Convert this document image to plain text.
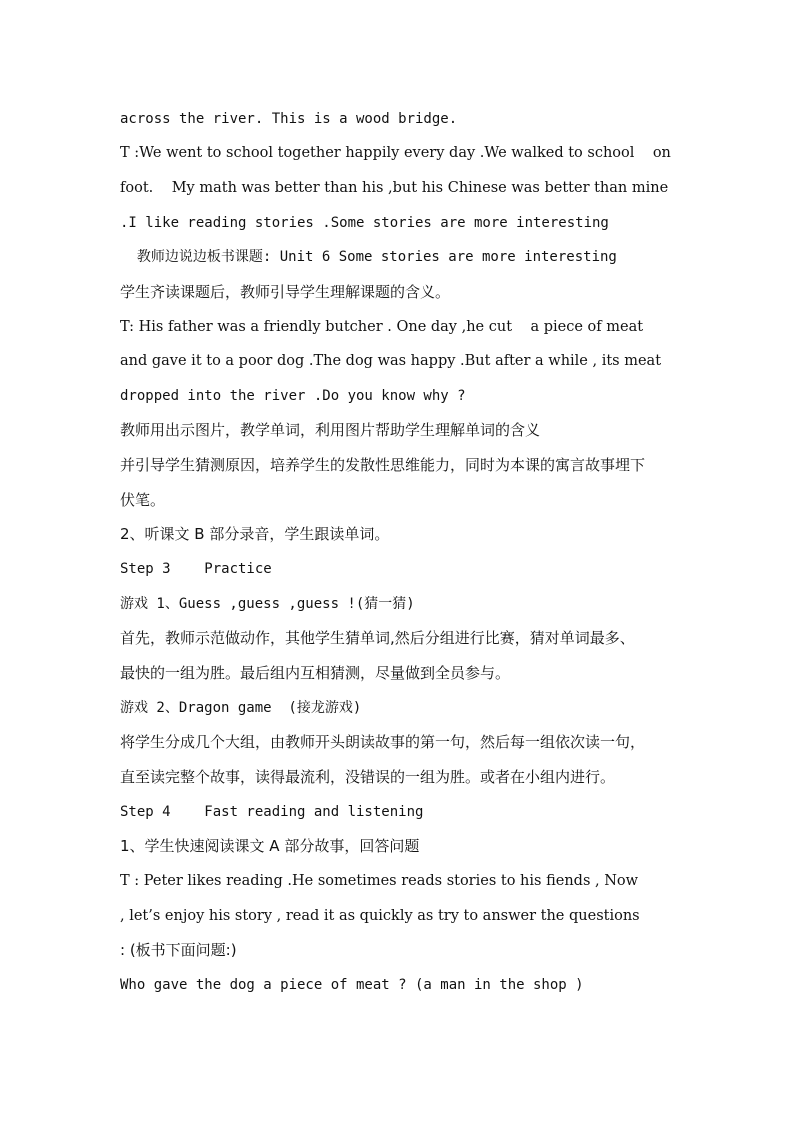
across the river. This is a wood bridge.
T :We went to school together happily every day .We walked to school    on
foot.    My math was better than his ,but his Chinese was better than mine
.I like reading stories .Some stories are more interesting
教师边说边板书课题: Unit 6 Some stories are more interesting
学生齐读课题后，教师引导学生理解课题的含义。
T: His father was a friendly butcher . One day ,he cut    a piece of meat
and gave it to a poor dog .The dog was happy .But after a while , its meat
dropped into the river .Do you know why ?
教师用出示图片，教学单词，利用图片帮助学生理解单词的含义
并引导学生猜测原因，培养学生的发散性思维能力，同时为本课的寓言故事埋下
伏笔。
2、听课文 B 部分录音，学生跟读单词。
Step 3    Practice
游戏 1、Guess ,guess ,guess !(猜一猜)
首先，教师示范做动作，其他学生猜单词,然后分组进行比赛，猜对单词最多、
最快的一组为胜。最后组内互相猜测，尽量做到全员参与。
游戏 2、Dragon game  (接龙游戏)
将学生分成几个大组，由教师开头朗读故事的第一句，然后每一组依次读一句，
直至读完整个故事，读得最流利，没错误的一组为胜。或者在小组内进行。
Step 4    Fast reading and listening
1、学生快速阅读课文 A 部分故事，回答问题
T : Peter likes reading .He sometimes reads stories to his fiends , Now
, let’s enjoy his story , read it as quickly as try to answer the questions
: (板书下面问题:)
Who gave the dog a piece of meat ? (a man in the shop )
